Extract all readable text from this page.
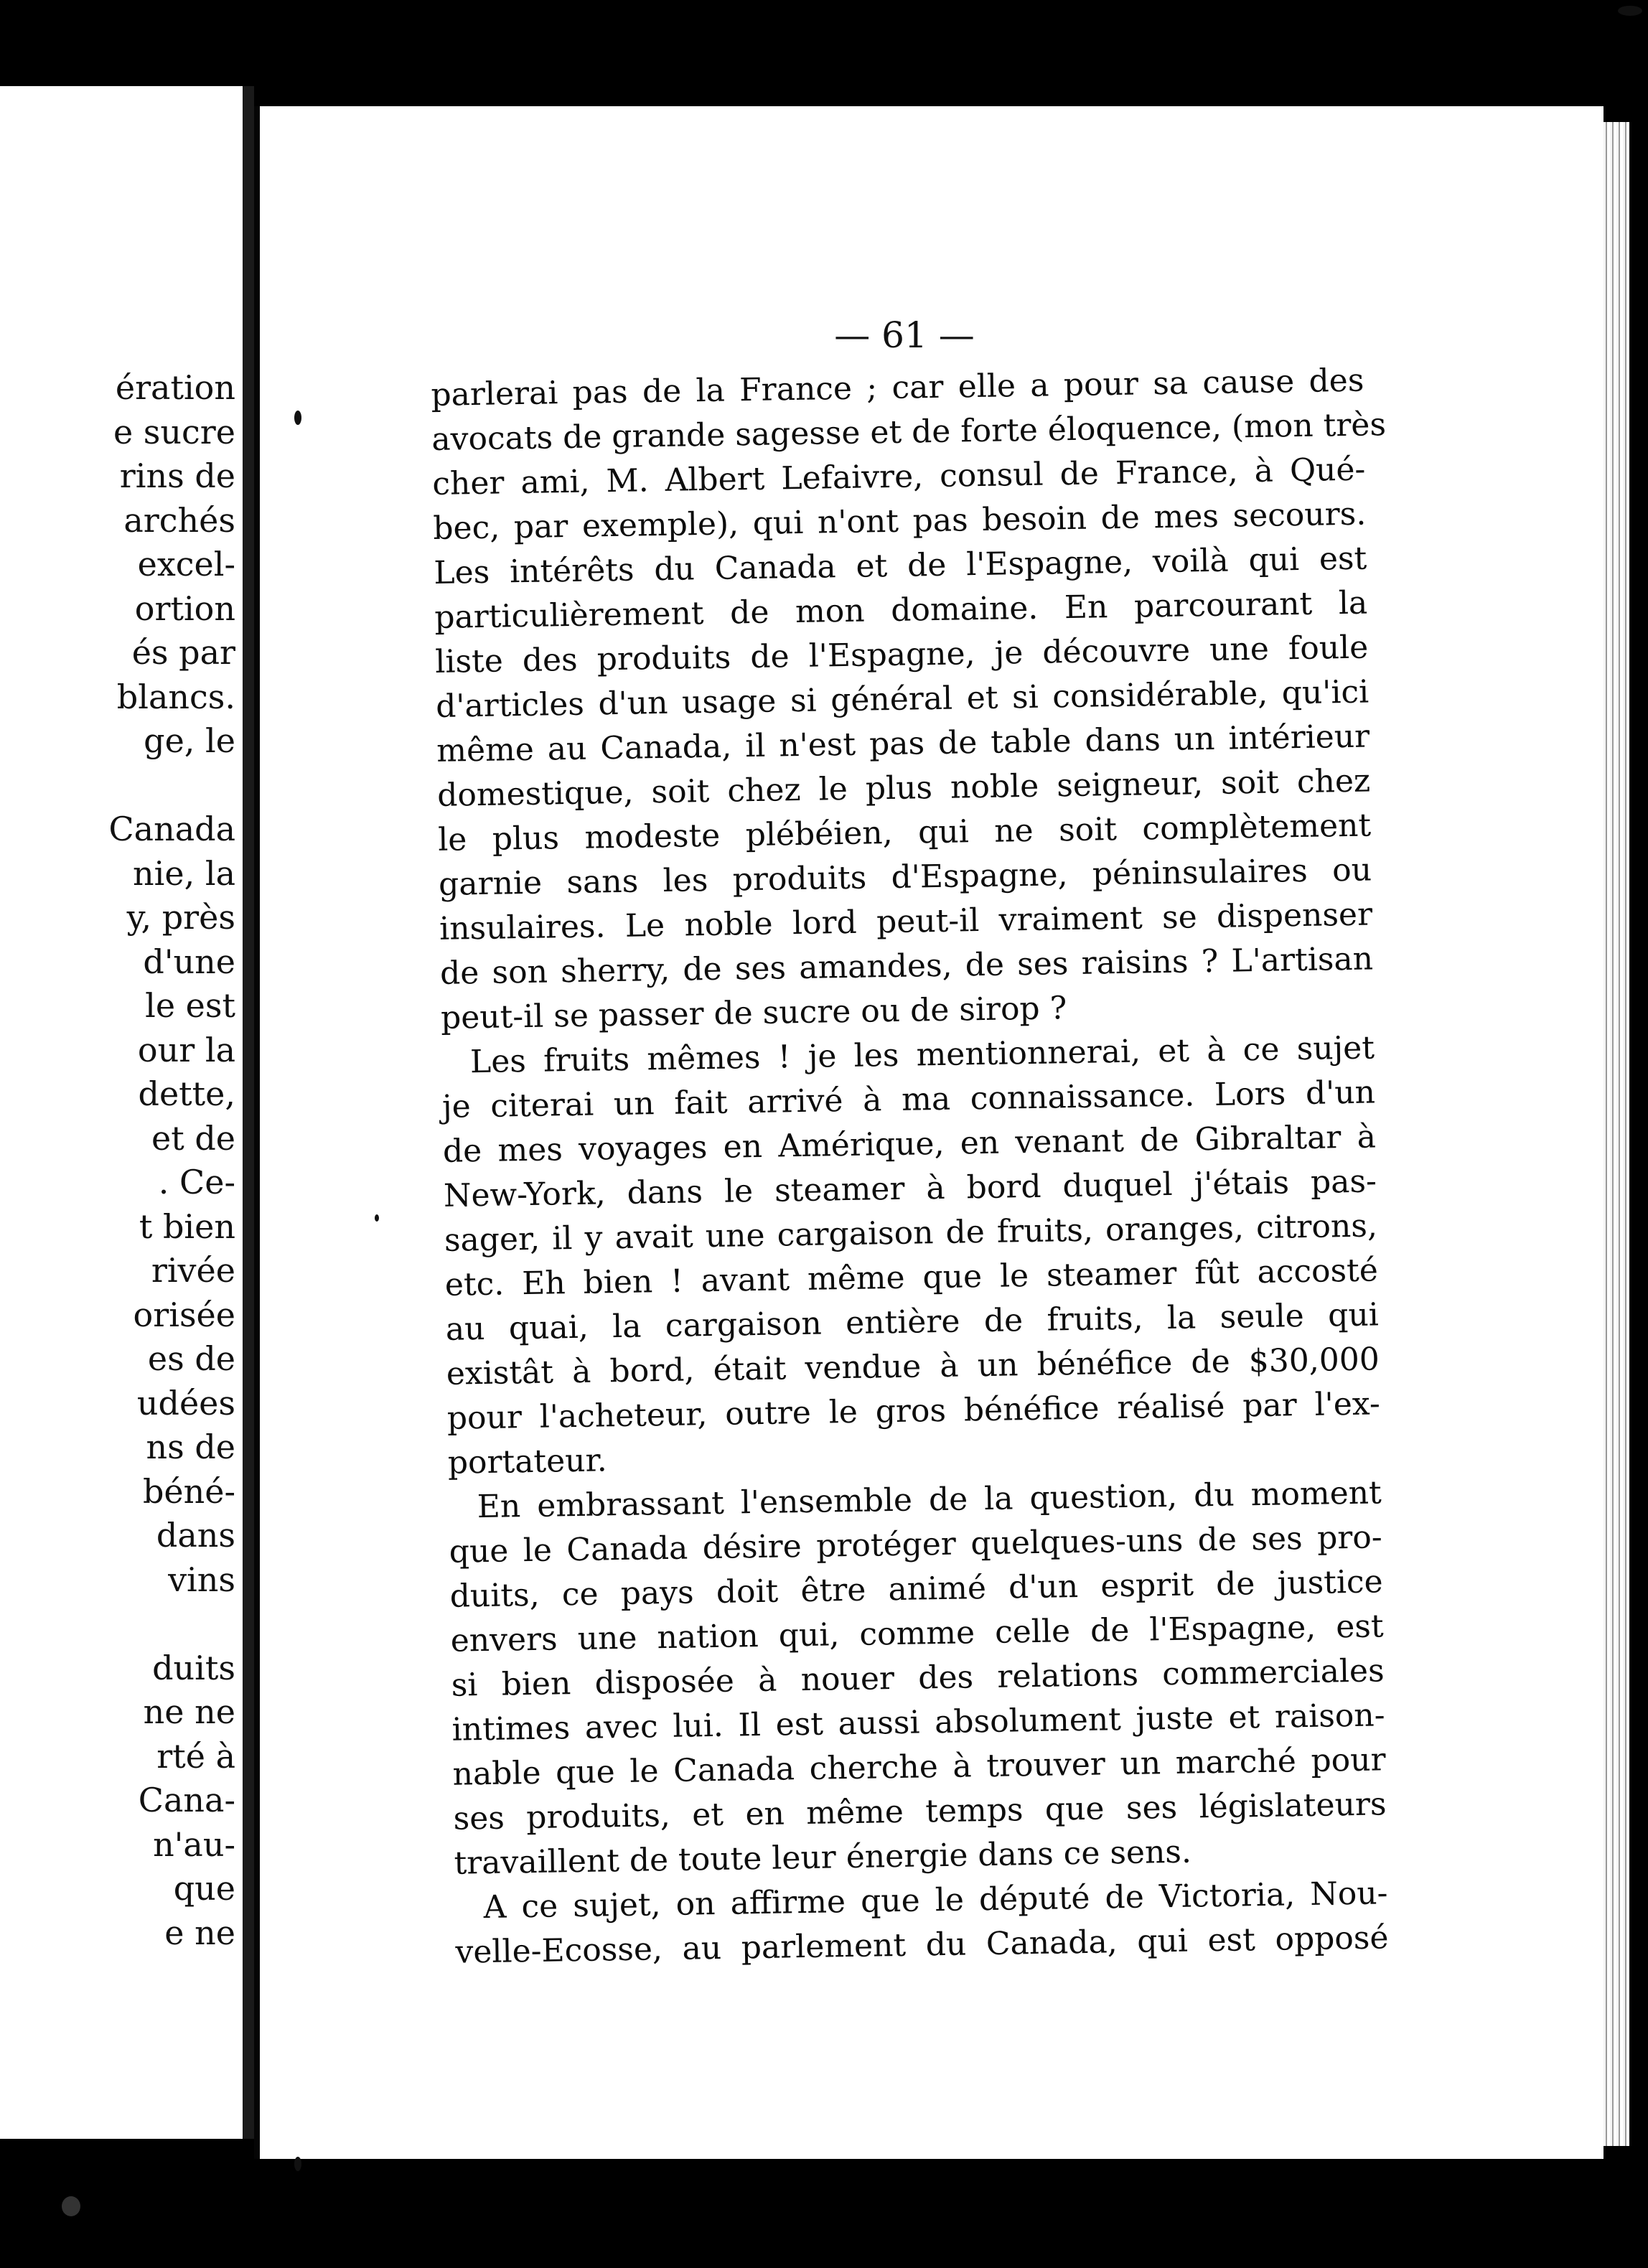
ération
e sucre
rins de
archés
excel-
ortion
és par
blancs.
ge, le
Canada
nie, la
y, près
d'une
le est
our la
dette,
et de
. Ce-
t bien
rivée
orisée
es de
udées
ns de
béné-
dans
vins
duits
ne ne
rté à
Cana-
n'au-
que
e ne
— 61 —
parlerai pas de la France ; car elle a pour sa cause des
avocats de grande sagesse et de forte éloquence, (mon très
cher ami, M. Albert Lefaivre, consul de France, à Qué-
bec, par exemple), qui n'ont pas besoin de mes secours.
Les intérêts du Canada et de l'Espagne, voilà qui est
particulièrement de mon domaine. En parcourant la
liste des produits de l'Espagne, je découvre une foule
d'articles d'un usage si général et si considérable, qu'ici
même au Canada, il n'est pas de table dans un intérieur
domestique, soit chez le plus noble seigneur, soit chez
le plus modeste plébéien, qui ne soit complètement
garnie sans les produits d'Espagne, péninsulaires ou
insulaires. Le noble lord peut-il vraiment se dispenser
de son sherry, de ses amandes, de ses raisins ? L'artisan
peut-il se passer de sucre ou de sirop ?
Les fruits mêmes ! je les mentionnerai, et à ce sujet
je citerai un fait arrivé à ma connaissance. Lors d'un
de mes voyages en Amérique, en venant de Gibraltar à
New-York, dans le steamer à bord duquel j'étais pas-
sager, il y avait une cargaison de fruits, oranges, citrons,
etc. Eh bien ! avant même que le steamer fût accosté
au quai, la cargaison entière de fruits, la seule qui
existât à bord, était vendue à un bénéfice de $30,000
pour l'acheteur, outre le gros bénéfice réalisé par l'ex-
portateur.
En embrassant l'ensemble de la question, du moment
que le Canada désire protéger quelques-uns de ses pro-
duits, ce pays doit être animé d'un esprit de justice
envers une nation qui, comme celle de l'Espagne, est
si bien disposée à nouer des relations commerciales
intimes avec lui. Il est aussi absolument juste et raison-
nable que le Canada cherche à trouver un marché pour
ses produits, et en même temps que ses législateurs
travaillent de toute leur énergie dans ce sens.
A ce sujet, on affirme que le député de Victoria, Nou-
velle-Ecosse, au parlement du Canada, qui est opposé
